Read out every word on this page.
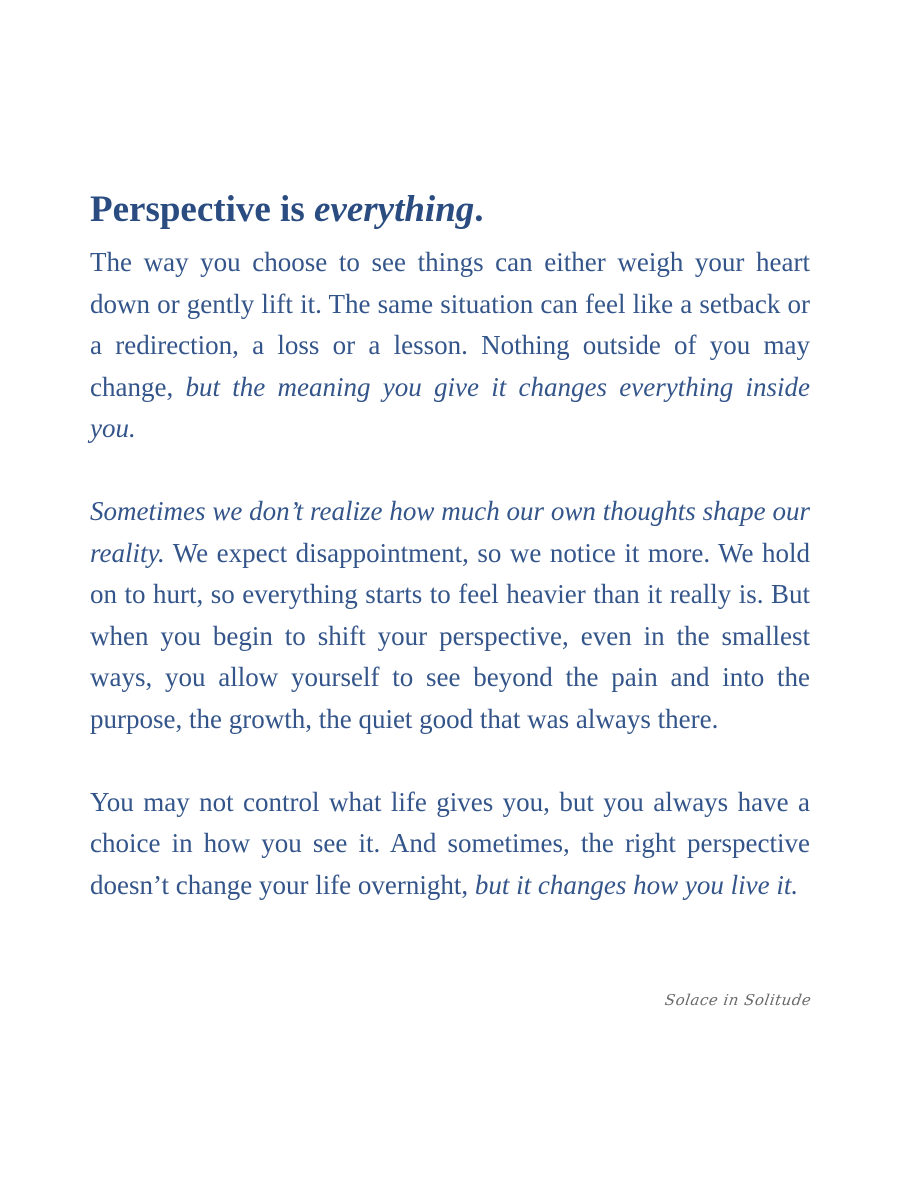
Perspective is everything.

The way you choose to see things can either weigh your heart down or gently lift it. The same situation can feel like a setback or a redirection, a loss or a lesson. Nothing outside of you may change, but the meaning you give it changes everything inside you.

Sometimes we don’t realize how much our own thoughts shape our reality. We expect disappointment, so we notice it more. We hold on to hurt, so everything starts to feel heavier than it really is. But when you begin to shift your perspective, even in the smallest ways, you allow yourself to see beyond the pain and into the purpose, the growth, the quiet good that was always there.

You may not control what life gives you, but you always have a choice in how you see it. And sometimes, the right perspective doesn’t change your life overnight, but it changes how you live it.

Solace in Solitude
